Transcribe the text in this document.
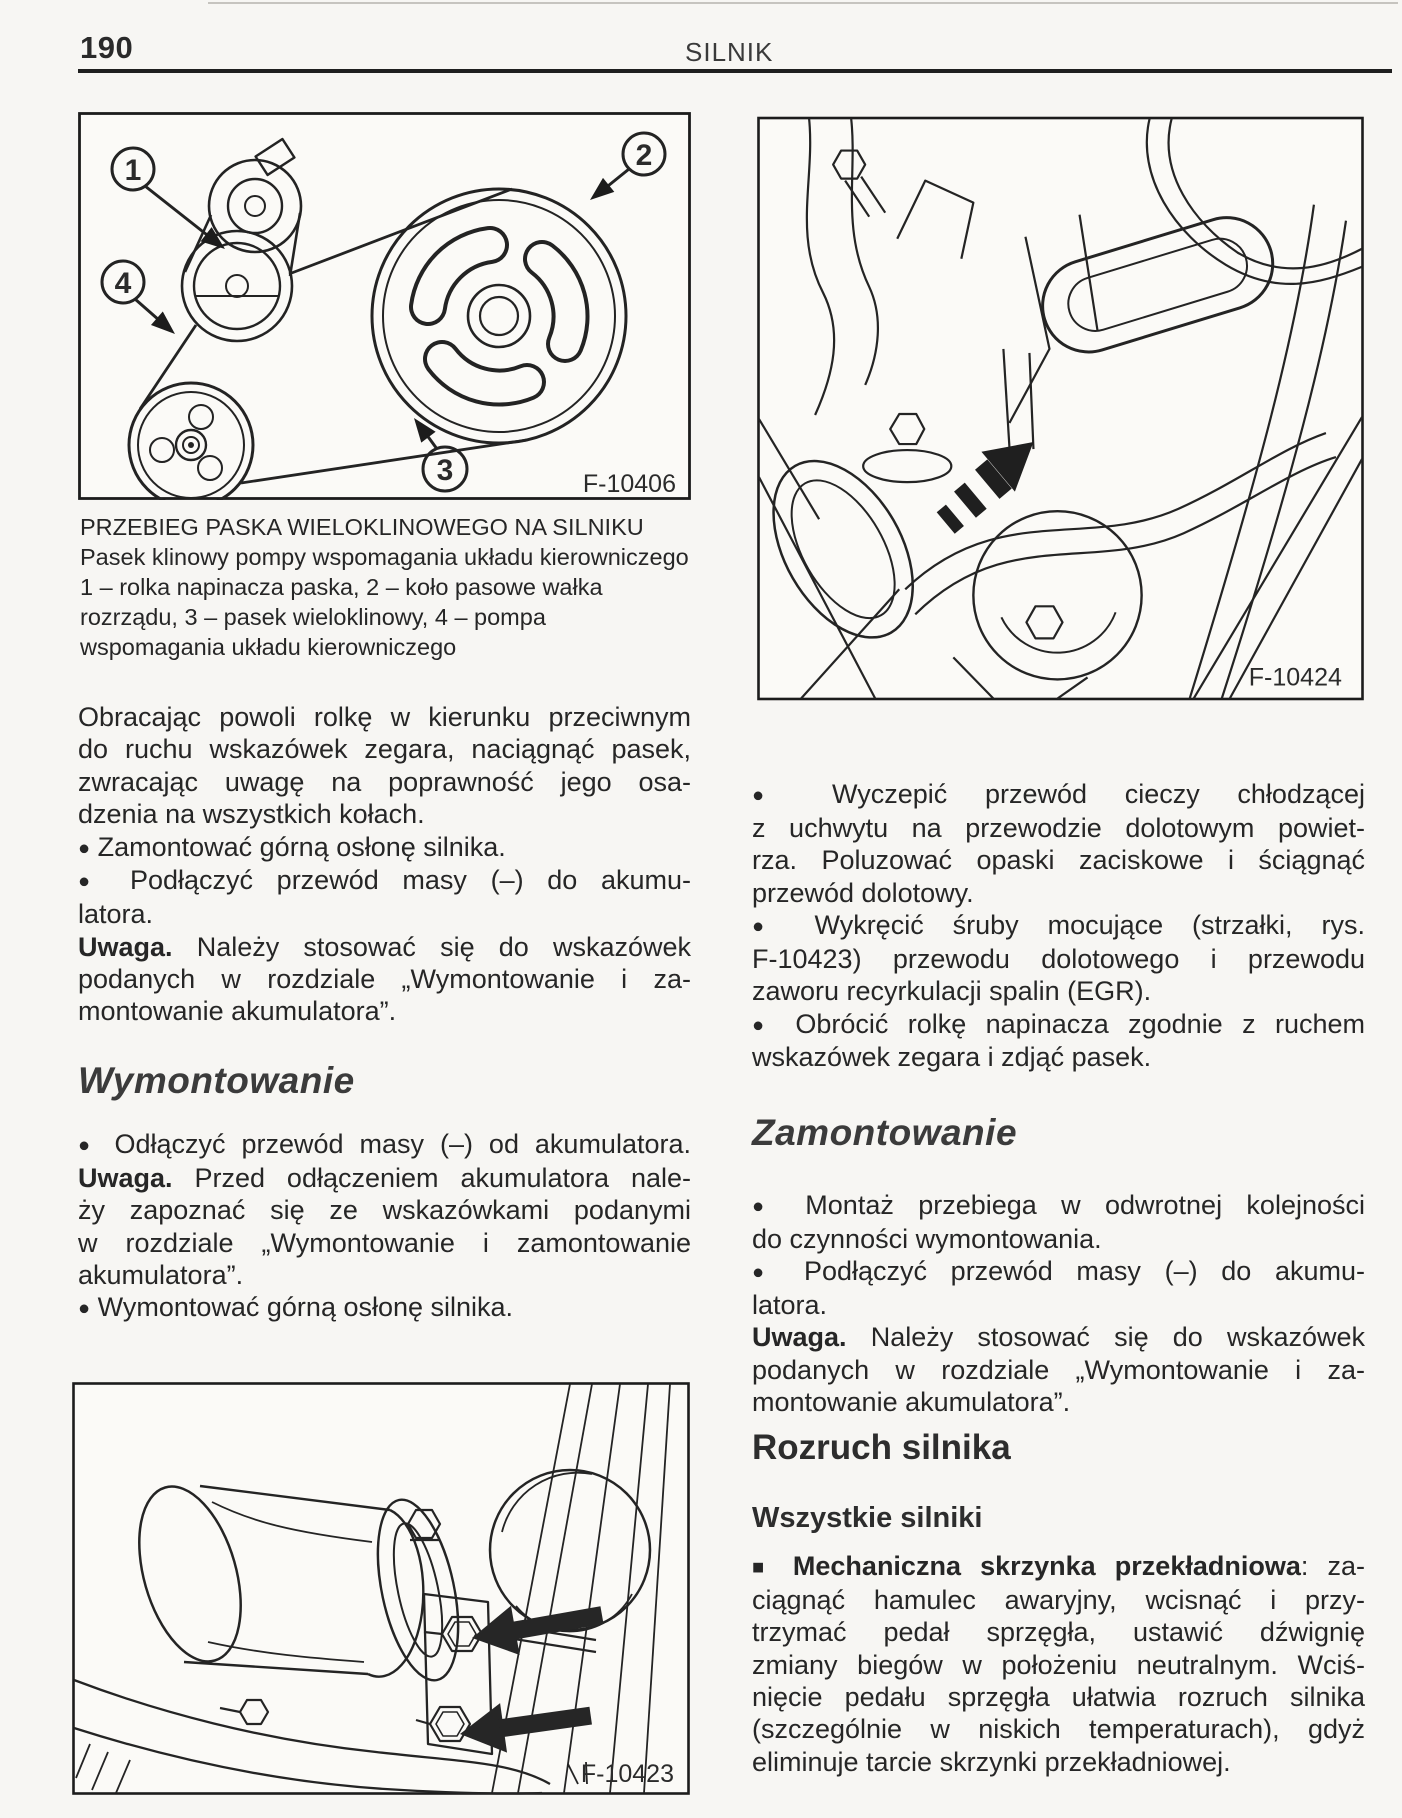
190	SILNIK
1	2
3
4
F-10406
PRZEBIEG PASKA WIELOKLINOWEGO NA SILNIKU
Pasek klinowy pompy wspomagania układu kierowniczego
1 – rolka napinacza paska, 2 – koło pasowe wałka
rozrządu, 3 – pasek wieloklinowy, 4 – pompa
wspomagania układu kierowniczego
Obracając powoli rolkę w kierunku przeciwnym
do ruchu wskazówek zegara, naciągnąć pasek,
zwracając uwagę na poprawność jego osa-
dzenia na wszystkich kołach.
● Zamontować górną osłonę silnika.
● Podłączyć przewód masy (–) do akumu-
latora.
Uwaga. Należy stosować się do wskazówek
podanych w rozdziale „Wymontowanie i za-
montowanie akumulatora”.
Wymontowanie
● Odłączyć przewód masy (–) od akumulatora.
Uwaga. Przed odłączeniem akumulatora nale-
ży zapoznać się ze wskazówkami podanymi
w rozdziale „Wymontowanie i zamontowanie
akumulatora”.
● Wymontować górną osłonę silnika.
F-10424
● Wyczepić przewód cieczy chłodzącej
z uchwytu na przewodzie dolotowym powiet-
rza. Poluzować opaski zaciskowe i ściągnąć
przewód dolotowy.
● Wykręcić śruby mocujące (strzałki, rys.
F-10423) przewodu dolotowego i przewodu
zaworu recyrkulacji spalin (EGR).
● Obrócić rolkę napinacza zgodnie z ruchem
wskazówek zegara i zdjąć pasek.
Zamontowanie
● Montaż przebiega w odwrotnej kolejności
do czynności wymontowania.
● Podłączyć przewód masy (–) do akumu-
latora.
Uwaga. Należy stosować się do wskazówek
podanych w rozdziale „Wymontowanie i za-
montowanie akumulatora”.
Rozruch silnika
Wszystkie silniki
■ Mechaniczna skrzynka przekładniowa: za-
ciągnąć hamulec awaryjny, wcisnąć i przy-
trzymać pedał sprzęgła, ustawić dźwignię
zmiany biegów w położeniu neutralnym. Wciś-
nięcie pedału sprzęgła ułatwia rozruch silnika
(szczególnie w niskich temperaturach), gdyż
eliminuje tarcie skrzynki przekładniowej.
F-10423
